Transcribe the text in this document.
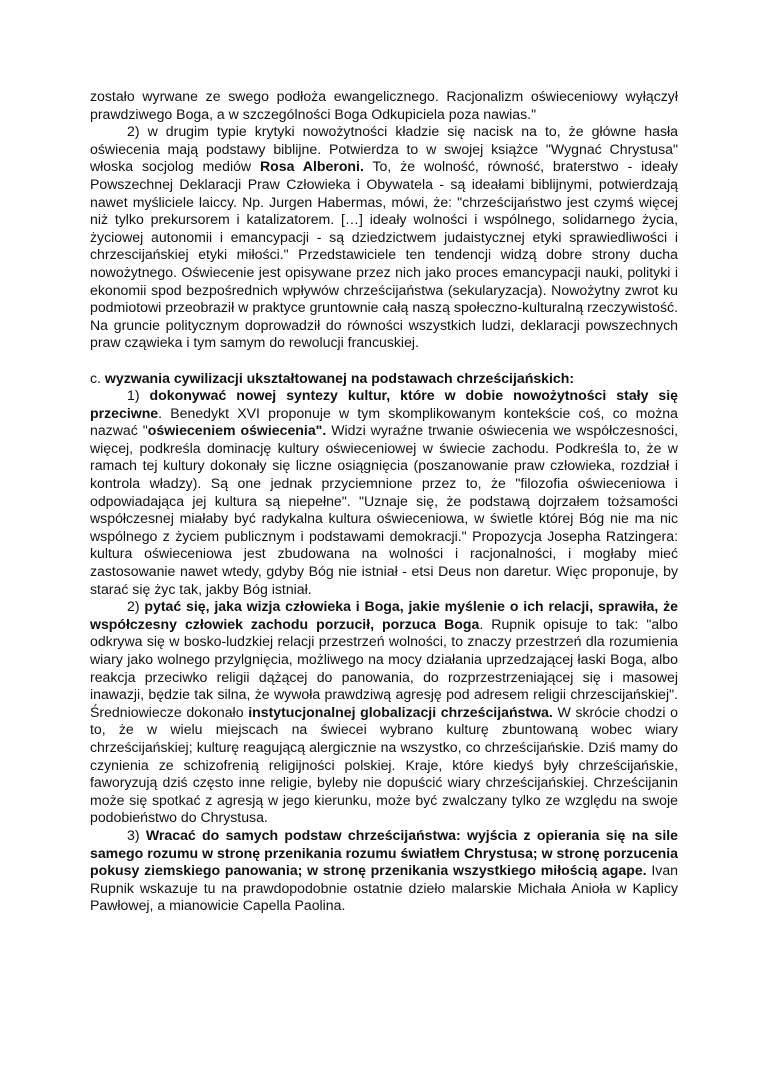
zostało wyrwane ze swego podłoża ewangelicznego. Racjonalizm oświeceniowy wyłączył prawdziwego Boga, a w szczególności Boga Odkupiciela poza nawias."

2) w drugim typie krytyki nowożytności kładzie się nacisk na to, że główne hasła oświecenia mają podstawy biblijne. Potwierdza to w swojej książce "Wygnać Chrystusa" włoska socjolog mediów Rosa Alberoni. To, że wolność, równość, braterstwo - ideały Powszechnej Deklaracji Praw Człowieka i Obywatela - są ideałami biblijnymi, potwierdzają nawet myśliciele laiccy. Np. Jurgen Habermas, mówi, że: "chrześcijaństwo jest czymś więcej niż tylko prekursorem i katalizatorem. […] ideały wolności i wspólnego, solidarnego życia, życiowej autonomii i emancypacji - są dziedzictwem judaistycznej etyki sprawiedliwości i chrzescijańskiej etyki miłości." Przedstawiciele ten tendencji widzą dobre strony ducha nowożytnego. Oświecenie jest opisywane przez nich jako proces emancypacji nauki, polityki i ekonomii spod bezpośrednich wpływów chrześcijaństwa (sekularyzacja). Nowożytny zwrot ku podmiotowi przeobraził w praktyce gruntownie całą naszą społeczno-kulturalną rzeczywistość. Na gruncie politycznym doprowadził do równości wszystkich ludzi, deklaracji powszechnych praw cząwieka i tym samym do rewolucji francuskiej.

c. wyzwania cywilizacji ukształtowanej na podstawach chrześcijańskich:

1) dokonywać nowej syntezy kultur, które w dobie nowożytności stały się przeciwne. Benedykt XVI proponuje w tym skomplikowanym kontekście coś, co można nazwać "oświeceniem oświecenia". Widzi wyraźne trwanie oświecenia we współczesności, więcej, podkreśla dominację kultury oświeceniowej w świecie zachodu. Podkreśla to, że w ramach tej kultury dokonały się liczne osiągnięcia (poszanowanie praw człowieka, rozdział i kontrola władzy). Są one jednak przyciemnione przez to, że "filozofia oświeceniowa i odpowiadająca jej kultura są niepełne". "Uznaje się, że podstawą dojrzałem tożsamości współczesnej miałaby być radykalna kultura oświeceniowa, w świetle której Bóg nie ma nic wspólnego z życiem publicznym i podstawami demokracji." Propozycja Josepha Ratzingera: kultura oświeceniowa jest zbudowana na wolności i racjonalności, i mogłaby mieć zastosowanie nawet wtedy, gdyby Bóg nie istniał - etsi Deus non daretur. Więc proponuje, by starać się życ tak, jakby Bóg istniał.

2) pytać się, jaka wizja człowieka i Boga, jakie myślenie o ich relacji, sprawiła, że współczesny człowiek zachodu porzucił, porzuca Boga. Rupnik opisuje to tak: "albo odkrywa się w bosko-ludzkiej relacji przestrzeń wolności, to znaczy przestrzeń dla rozumienia wiary jako wolnego przylgnięcia, możliwego na mocy działania uprzedzającej łaski Boga, albo reakcja przeciwko religii dążącej do panowania, do rozprzestrzeniającej się i masowej inawazji, będzie tak silna, że wywoła prawdziwą agresję pod adresem religii chrzescijańskiej". Średniowiecze dokonało instytucjonalnej globalizacji chrześcijaństwa. W skrócie chodzi o to, że w wielu miejscach na świecei wybrano kulturę zbuntowaną wobec wiary chrześcijańskiej; kulturę reagującą alergicznie na wszystko, co chrześcijańskie. Dziś mamy do czynienia ze schizofrenią religijności polskiej. Kraje, które kiedyś były chrześcijańskie, faworyzują dziś często inne religie, byleby nie dopuścić wiary chrześcijańskiej. Chrześcijanin może się spotkać z agresją w jego kierunku, może być zwalczany tylko ze względu na swoje podobieństwo do Chrystusa.

3) Wracać do samych podstaw chrześcijaństwa: wyjścia z opierania się na sile samego rozumu w stronę przenikania rozumu światłem Chrystusa; w stronę porzucenia pokusy ziemskiego panowania; w stronę przenikania wszystkiego miłością agape. Ivan Rupnik wskazuje tu na prawdopodobnie ostatnie dzieło malarskie Michała Anioła w Kaplicy Pawłowej, a mianowicie Capella Paolina.
